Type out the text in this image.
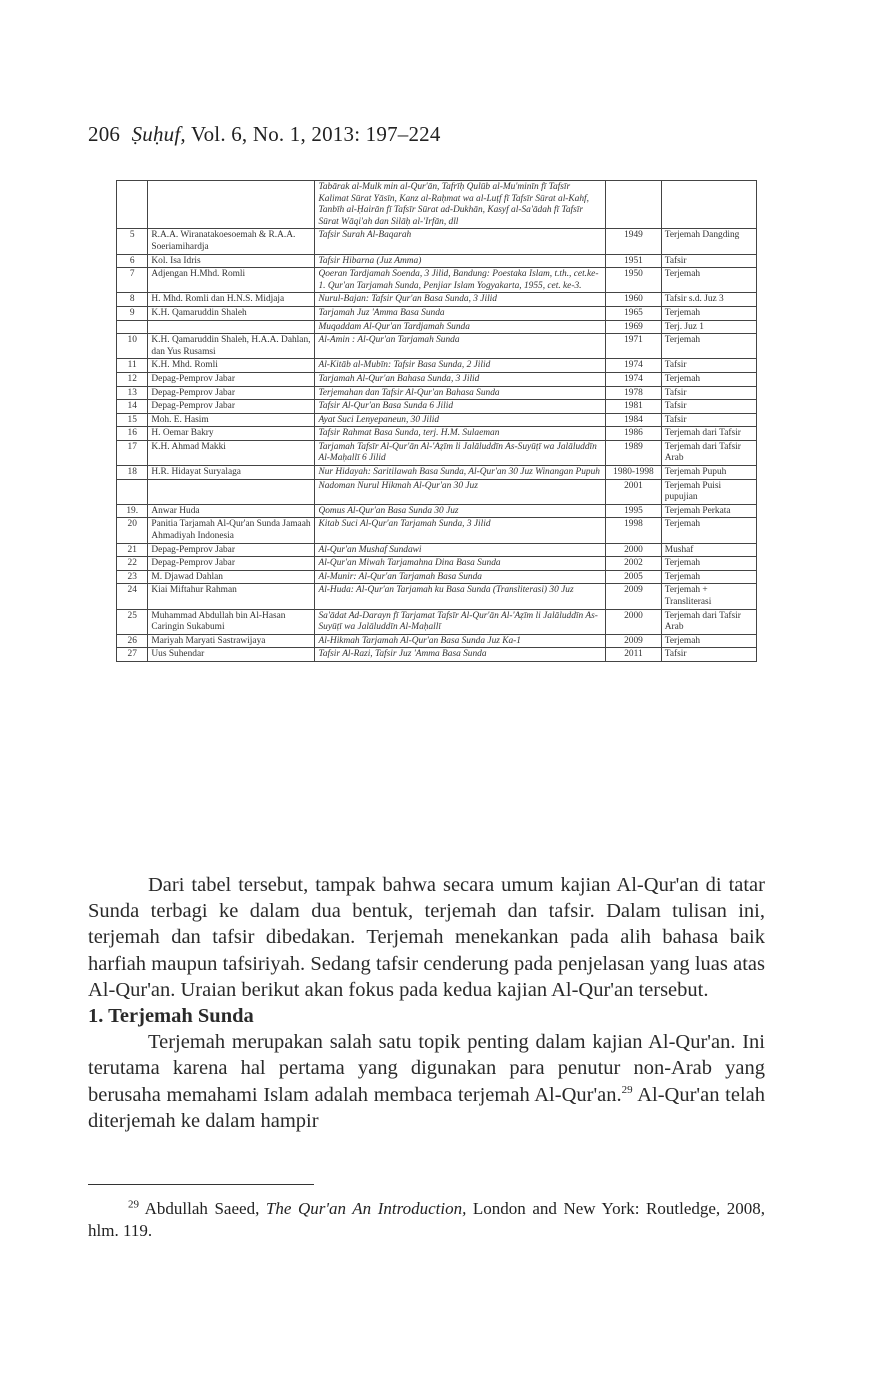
206 Ṣuḥuf, Vol. 6, No. 1, 2013: 197–224
		Tabārak al-Mulk min al-Qur'ān, Tafrīḥ Qulūb al-Mu'minīn fī Tafsīr Kalimat Sūrat Yāsīn, Kanz al-Raḥmat wa al-Luṭf fī Tafsīr Sūrat al-Kahf, Tanbīh al-Ḥairān fī Tafsīr Sūrat ad-Dukhān, Kasyf al-Sa'ādah fī Tafsīr Sūrat Wāqi'ah dan Silāḥ al-'Irfān, dll		
5	R.A.A. Wiranatakoesoemah & R.A.A. Soeriamihardja	Tafsir Surah Al-Baqarah	1949	Terjemah Dangding
6	Kol. Isa Idris	Tafsir Hibarna (Juz Amma)	1951	Tafsir
7	Adjengan H.Mhd. Romli	Qoeran Tardjamah Soenda, 3 Jilid, Bandung: Poestaka Islam, t.th., cet.ke-1. Qur'an Tarjamah Sunda, Penjiar Islam Yogyakarta, 1955, cet. ke-3.	1950	Terjemah
8	H. Mhd. Romli dan H.N.S. Midjaja	Nurul-Bajan: Tafsir Qur'an Basa Sunda, 3 Jilid	1960	Tafsir s.d. Juz 3
9	K.H. Qamaruddin Shaleh	Tarjamah Juz 'Amma Basa Sunda	1965	Terjemah
		Muqaddam Al-Qur'an Tardjamah Sunda	1969	Terj. Juz 1
10	K.H. Qamaruddin Shaleh, H.A.A. Dahlan, dan Yus Rusamsi	Al-Amin : Al-Qur'an Tarjamah Sunda	1971	Terjemah
11	K.H. Mhd. Romli	Al-Kitāb al-Mubīn: Tafsir Basa Sunda, 2 Jilid	1974	Tafsir
12	Depag-Pemprov Jabar	Tarjamah Al-Qur'an Bahasa Sunda, 3 Jilid	1974	Terjemah
13	Depag-Pemprov Jabar	Terjemahan dan Tafsir Al-Qur'an Bahasa Sunda	1978	Tafsir
14	Depag-Pemprov Jabar	Tafsir Al-Qur'an Basa Sunda 6 Jilid	1981	Tafsir
15	Moh. E. Hasim	Ayat Suci Lenyepaneun, 30 Jilid	1984	Tafsir
16	H. Oemar Bakry	Tafsir Rahmat Basa Sunda, terj. H.M. Sulaeman	1986	Terjemah dari Tafsir
17	K.H. Ahmad Makki	Tarjamah Tafsīr Al-Qur'ān Al-'Aẓīm li Jalāluddīn As-Suyūṭī wa Jalāluddīn Al-Maḥallī 6 Jilid	1989	Terjemah dari Tafsir Arab
18	H.R. Hidayat Suryalaga	Nur Hidayah: Saritilawah Basa Sunda, Al-Qur'an 30 Juz Winangan Pupuh	1980-1998	Terjemah Pupuh
		Nadoman Nurul Hikmah Al-Qur'an 30 Juz	2001	Terjemah Puisi pupujian
19.	Anwar Huda	Qomus Al-Qur'an Basa Sunda 30 Juz	1995	Terjemah Perkata
20	Panitia Tarjamah Al-Qur'an Sunda Jamaah Ahmadiyah Indonesia	Kitab Suci Al-Qur'an Tarjamah Sunda, 3 Jilid	1998	Terjemah
21	Depag-Pemprov Jabar	Al-Qur'an Mushaf Sundawi	2000	Mushaf
22	Depag-Pemprov Jabar	Al-Qur'an Miwah Tarjamahna Dina Basa Sunda	2002	Terjemah
23	M. Djawad Dahlan	Al-Munir: Al-Qur'an Tarjamah Basa Sunda	2005	Terjemah
24	Kiai Miftahur Rahman	Al-Huda: Al-Qur'an Tarjamah ku Basa Sunda (Transliterasi) 30 Juz	2009	Terjemah + Transliterasi
25	Muhammad Abdullah bin Al-Hasan Caringin Sukabumi	Sa'ādat Ad-Darayn fī Tarjamat Tafsīr Al-Qur'ān Al-'Aẓīm li Jalāluddīn As-Suyūṭī wa Jalāluddīn Al-Maḥallī	2000	Terjemah dari Tafsir Arab
26	Mariyah Maryati Sastrawijaya	Al-Hikmah Tarjamah Al-Qur'an Basa Sunda Juz Ka-1	2009	Terjemah
27	Uus Suhendar	Tafsir Al-Razi, Tafsir Juz 'Amma Basa Sunda	2011	Tafsir

Dari tabel tersebut, tampak bahwa secara umum kajian Al-Qur'an di tatar Sunda terbagi ke dalam dua bentuk, terjemah dan tafsir. Dalam tulisan ini, terjemah dan tafsir dibedakan. Terjemah menekankan pada alih bahasa baik harfiah maupun tafsiriyah. Sedang tafsir cenderung pada penjelasan yang luas atas Al-Qur'an. Uraian berikut akan fokus pada kedua kajian Al-Qur'an tersebut.

1. Terjemah Sunda

Terjemah merupakan salah satu topik penting dalam kajian Al-Qur'an. Ini terutama karena hal pertama yang digunakan para penutur non-Arab yang berusaha memahami Islam adalah membaca terjemah Al-Qur'an.$^{29}$ Al-Qur'an telah diterjemah ke dalam hampir

$^{29}$ Abdullah Saeed, The Qur'an An Introduction, London and New York: Routledge, 2008, hlm. 119.
